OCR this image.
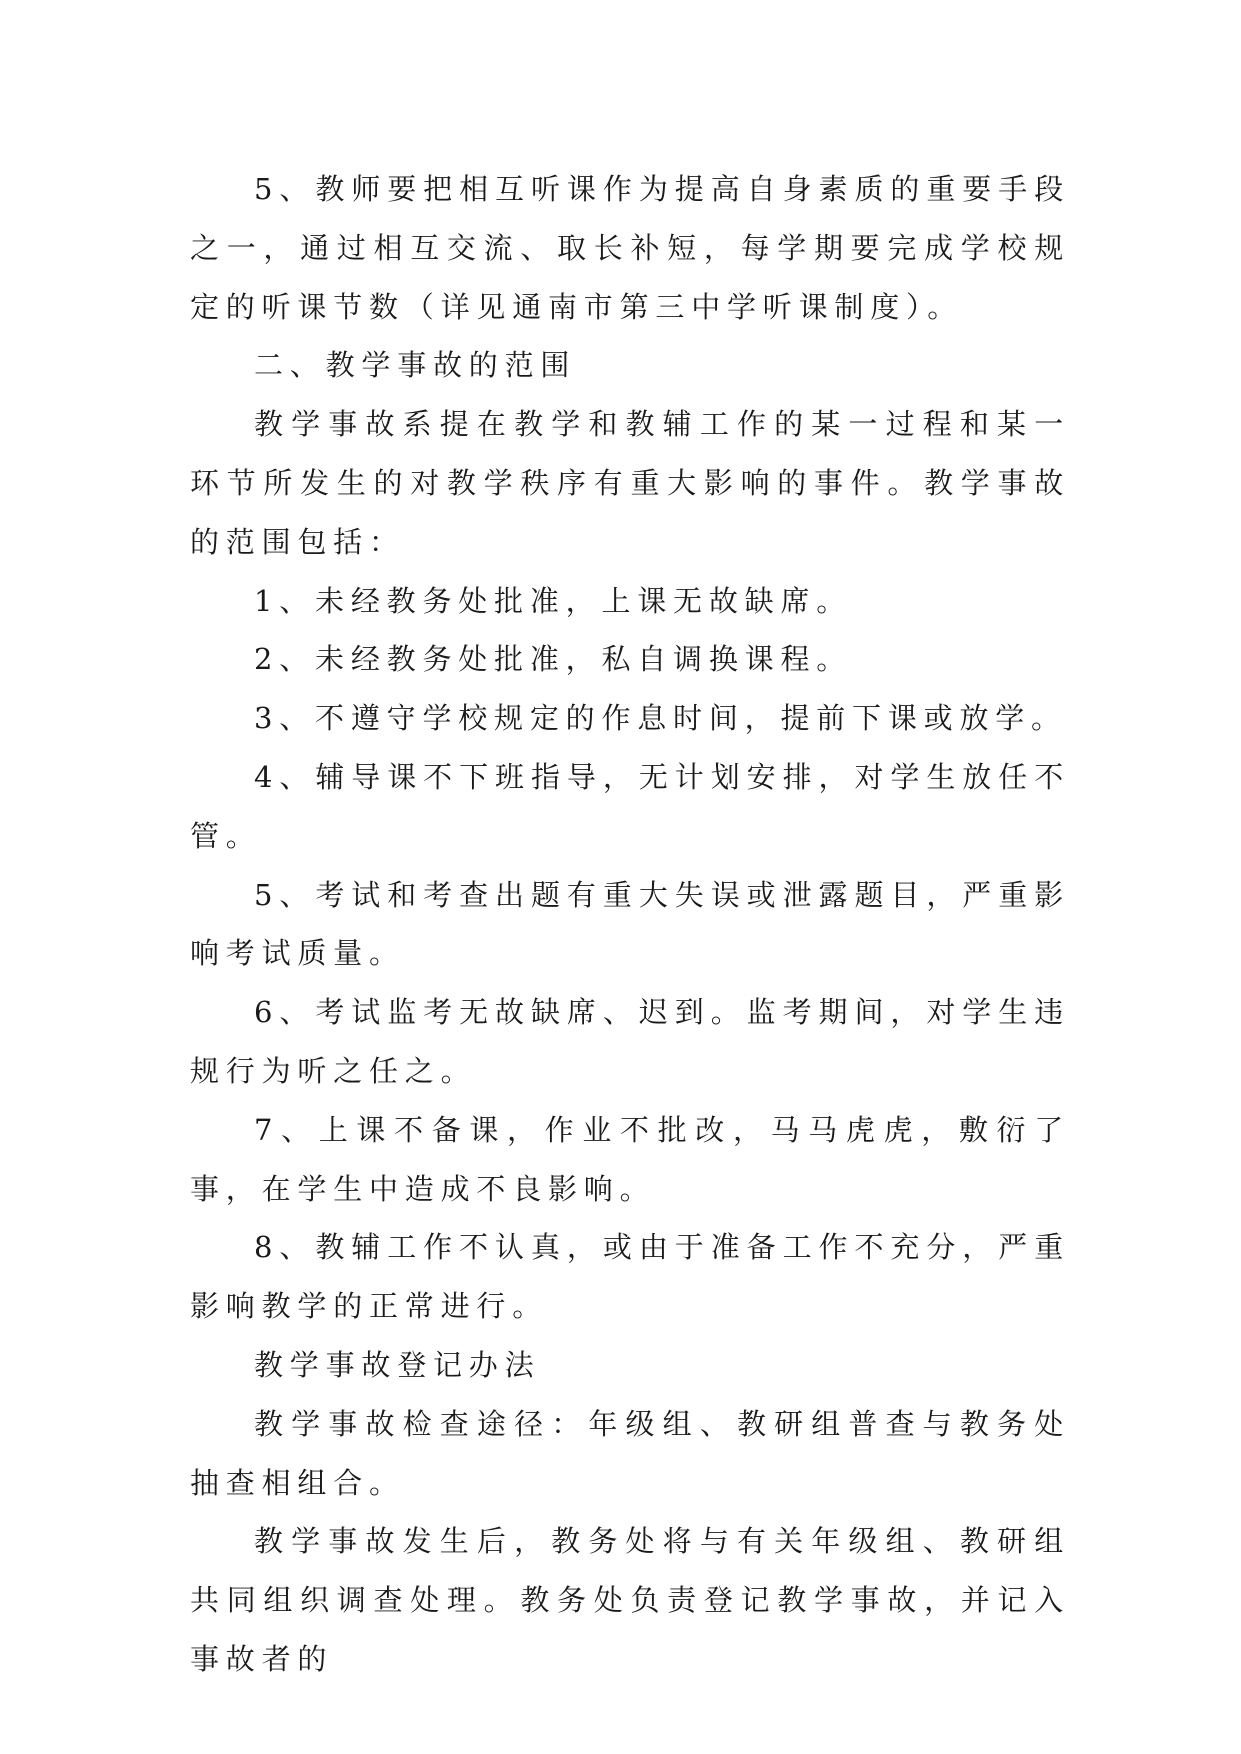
5、教师要把相互听课作为提高自身素质的重要手段之一，通过相互交流、取长补短，每学期要完成学校规定的听课节数（详见通南市第三中学听课制度）。

二、教学事故的范围

教学事故系提在教学和教辅工作的某一过程和某一环节所发生的对教学秩序有重大影响的事件。教学事故的范围包括：

1、未经教务处批准，上课无故缺席。

2、未经教务处批准，私自调换课程。

3、不遵守学校规定的作息时间，提前下课或放学。

4、辅导课不下班指导，无计划安排，对学生放任不管。

5、考试和考查出题有重大失误或泄露题目，严重影响考试质量。

6、考试监考无故缺席、迟到。监考期间，对学生违规行为听之任之。

7、上课不备课，作业不批改，马马虎虎，敷衍了事，在学生中造成不良影响。

8、教辅工作不认真，或由于准备工作不充分，严重影响教学的正常进行。

教学事故登记办法

教学事故检查途径：年级组、教研组普查与教务处抽查相组合。

教学事故发生后，教务处将与有关年级组、教研组共同组织调查处理。教务处负责登记教学事故，并记入事故者的
